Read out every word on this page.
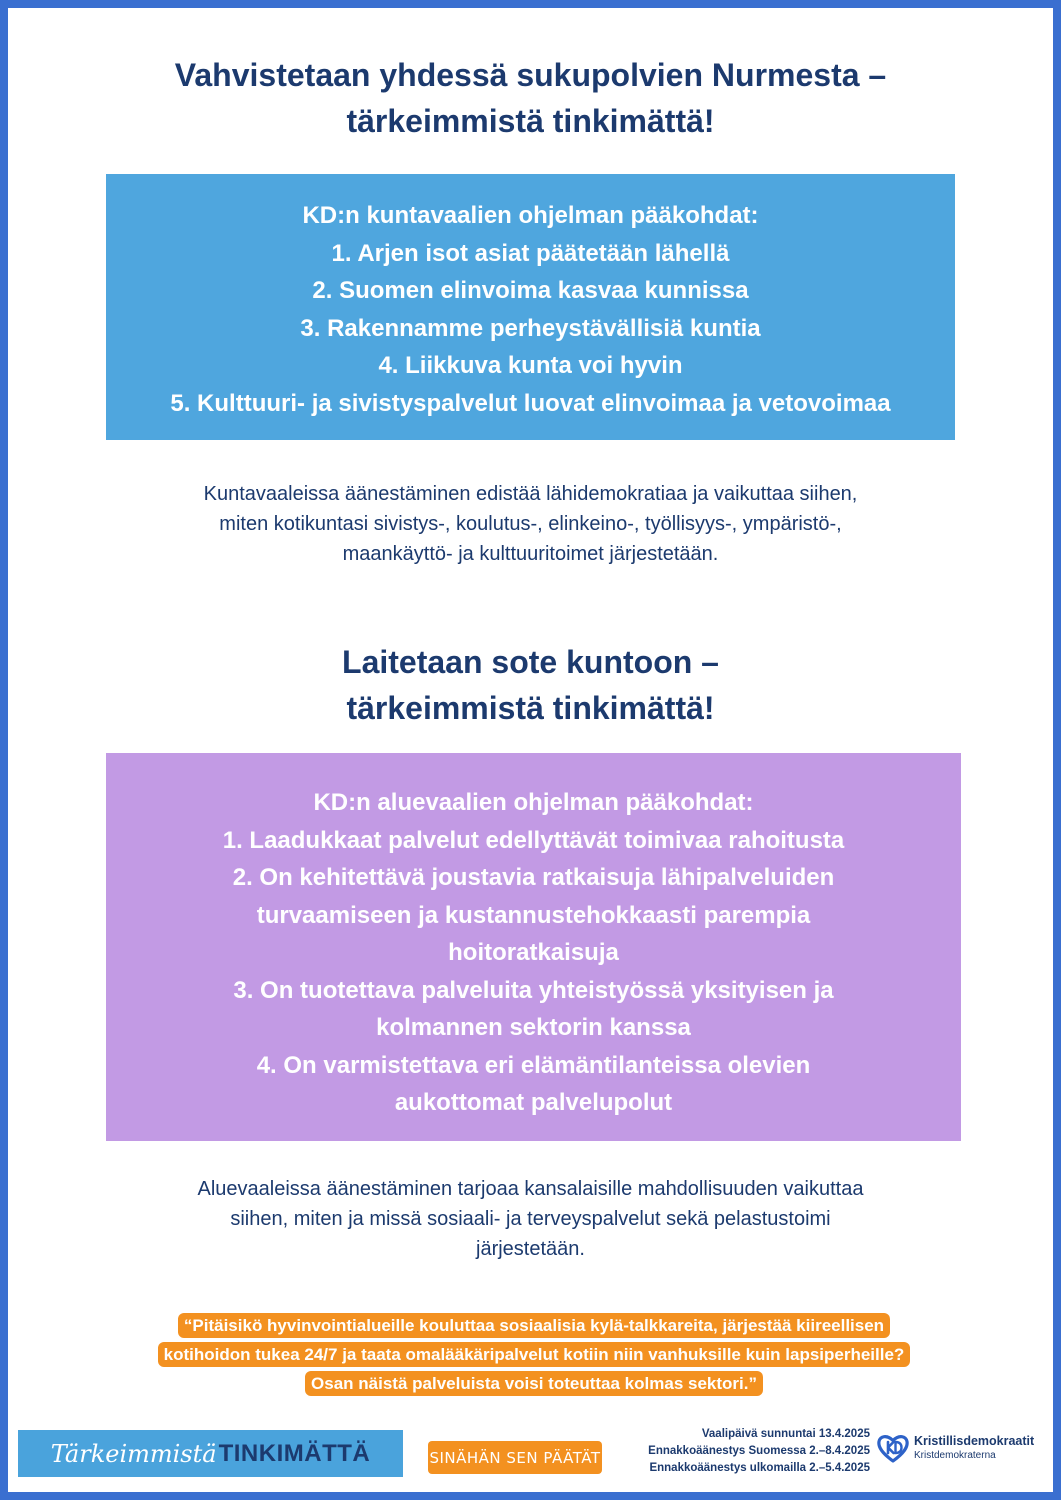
Vahvistetaan yhdessä sukupolvien Nurmesta –
tärkeimmistä tinkimättä!
KD:n kuntavaalien ohjelman pääkohdat:
1. Arjen isot asiat päätetään lähellä
2. Suomen elinvoima kasvaa kunnissa
3. Rakennamme perheystävällisiä kuntia
4. Liikkuva kunta voi hyvin
5. Kulttuuri- ja sivistyspalvelut luovat elinvoimaa ja vetovoimaa
Kuntavaaleissa äänestäminen edistää lähidemokratiaa ja vaikuttaa siihen,
miten kotikuntasi sivistys-, koulutus-, elinkeino-, työllisyys-, ympäristö-,
maankäyttö- ja kulttuuritoimet järjestetään.
Laitetaan sote kuntoon –
tärkeimmistä tinkimättä!
KD:n aluevaalien ohjelman pääkohdat:
1. Laadukkaat palvelut edellyttävät toimivaa rahoitusta
2. On kehitettävä joustavia ratkaisuja lähipalveluiden
turvaamiseen ja kustannustehokkaasti parempia
hoitoratkaisuja
3. On tuotettava palveluita yhteistyössä yksityisen ja
kolmannen sektorin kanssa
4. On varmistettava eri elämäntilanteissa olevien
aukottomat palvelupolut
Aluevaaleissa äänestäminen tarjoaa kansalaisille mahdollisuuden vaikuttaa
siihen, miten ja missä sosiaali- ja terveyspalvelut sekä pelastustoimi
järjestetään.
“Pitäisikö hyvinvointialueille kouluttaa sosiaalisia kylä-talkkareita, järjestää kiireellisen
kotihoidon tukea 24/7 ja taata omalääkäripalvelut kotiin niin vanhuksille kuin lapsiperheille?
Osan näistä palveluista voisi toteuttaa kolmas sektori.”
Tärkeimmistä TINKIMÄTTÄ	SINÄHÄN SEN PÄÄTÄT
Vaalipäivä sunnuntai 13.4.2025
Ennakkoäänestys Suomessa 2.–8.4.2025
Ennakkoäänestys ulkomailla 2.–5.4.2025
Kristillisdemokraatit
Kristdemokraterna
